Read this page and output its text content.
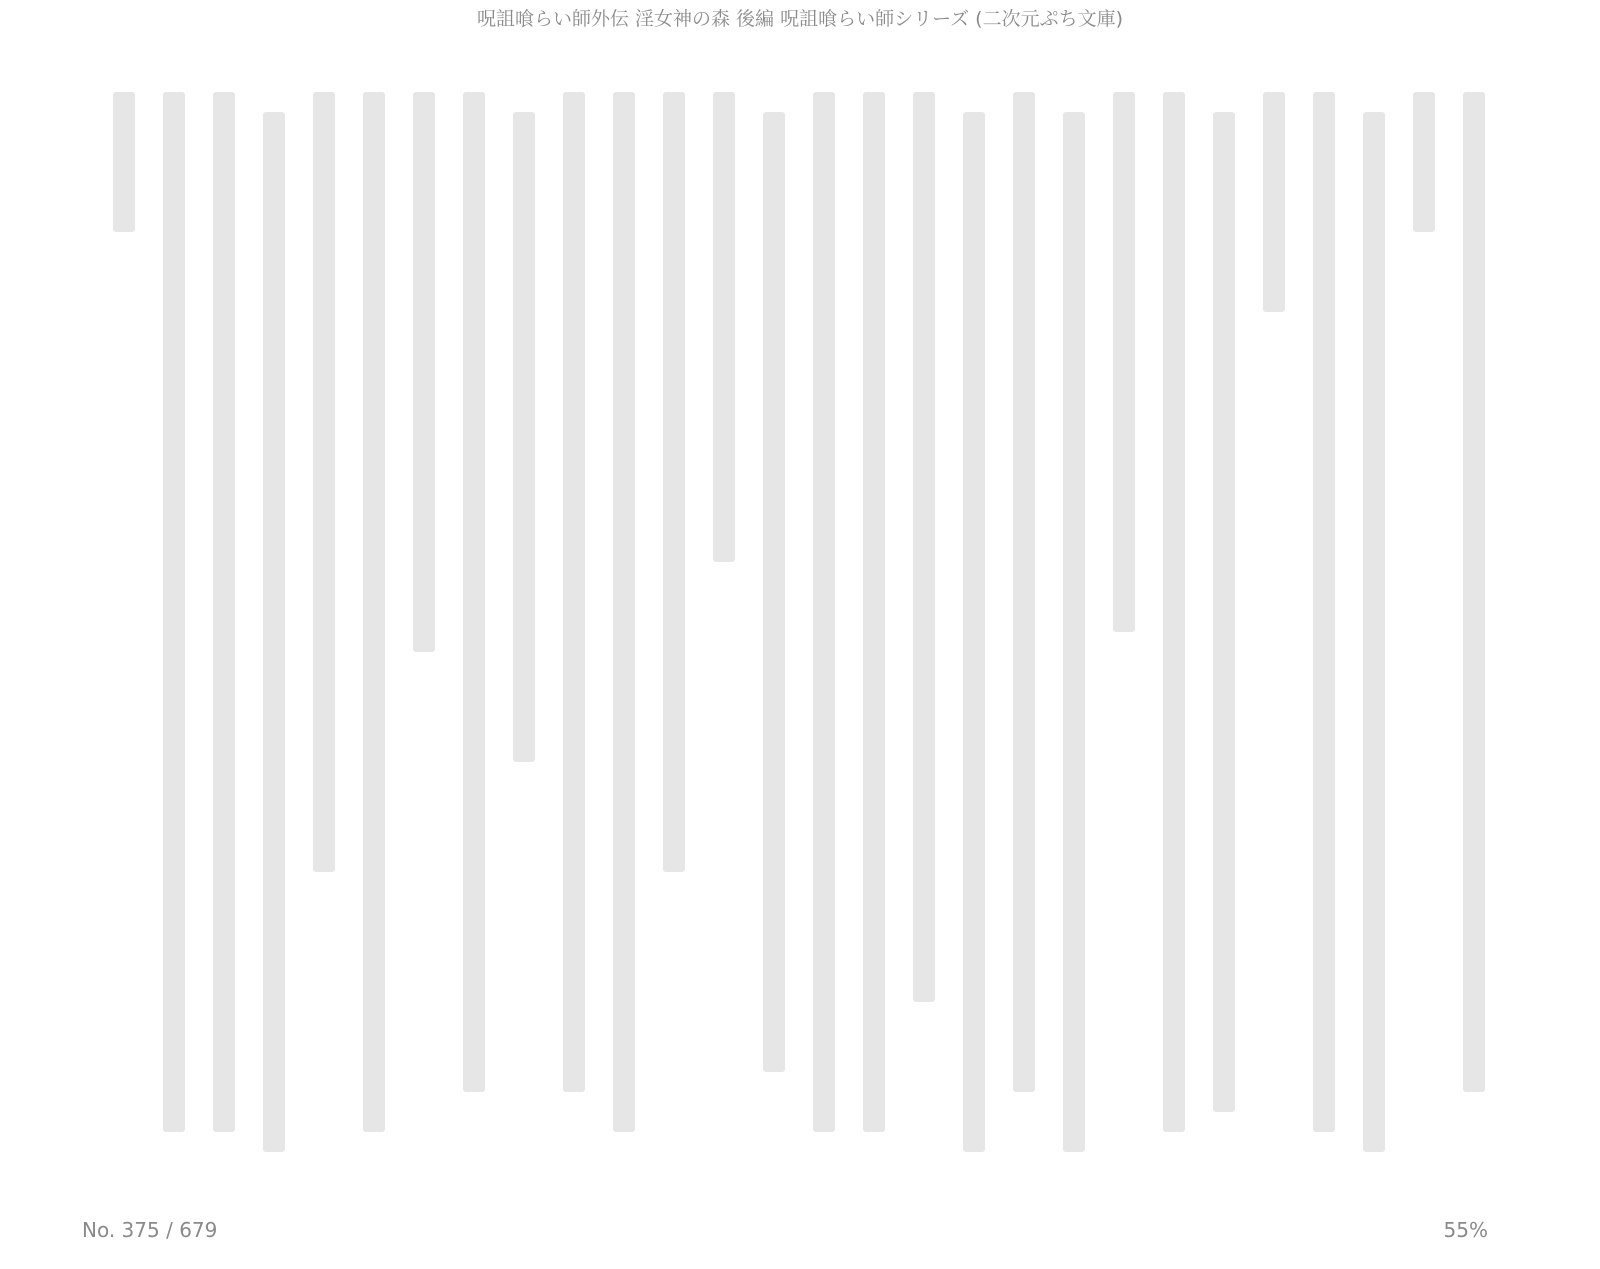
呪詛喰らい師外伝 淫女神の森 後編 呪詛喰らい師シリーズ (二次元ぷち文庫)
No. 375 / 679	55%
